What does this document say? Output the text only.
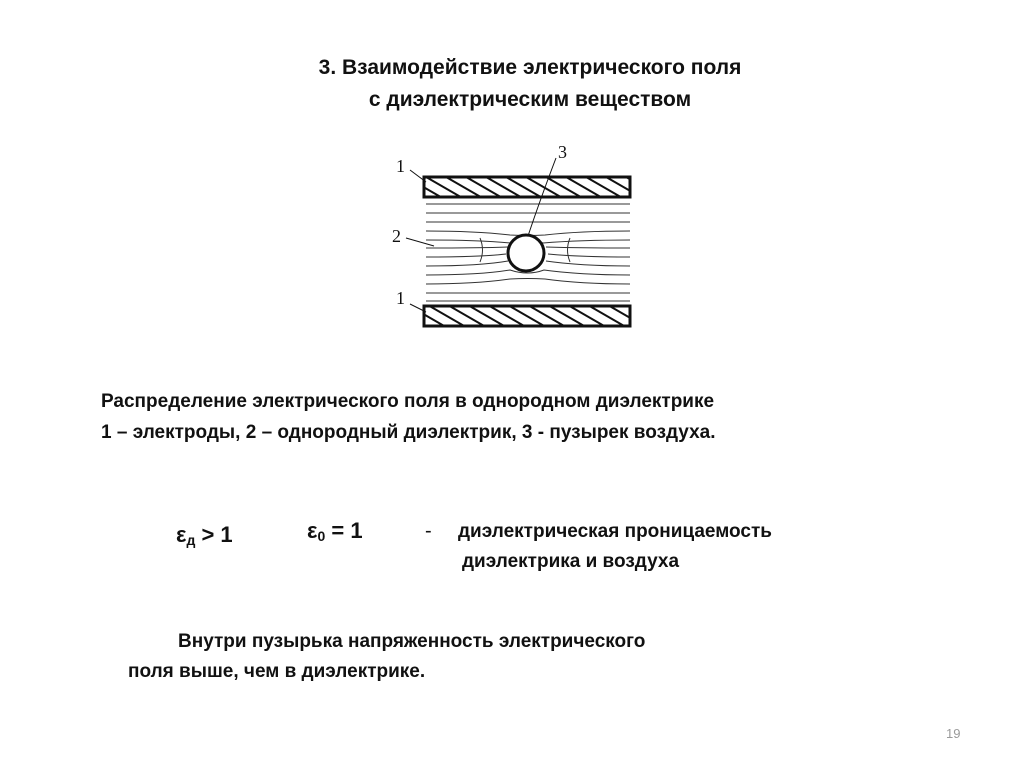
3. Взаимодействие электрического поля
с диэлектрическим веществом
1
2
3
1
Распределение электрического поля в однородном диэлектрике
1 – электроды, 2 – однородный диэлектрик, 3 - пузырек воздуха.
$\varepsilon_д > 1$	$\varepsilon_0 = 1$	- диэлектрическая проницаемость
диэлектрика и воздуха
Внутри пузырька напряженность электрического
поля выше, чем в диэлектрике.
19
